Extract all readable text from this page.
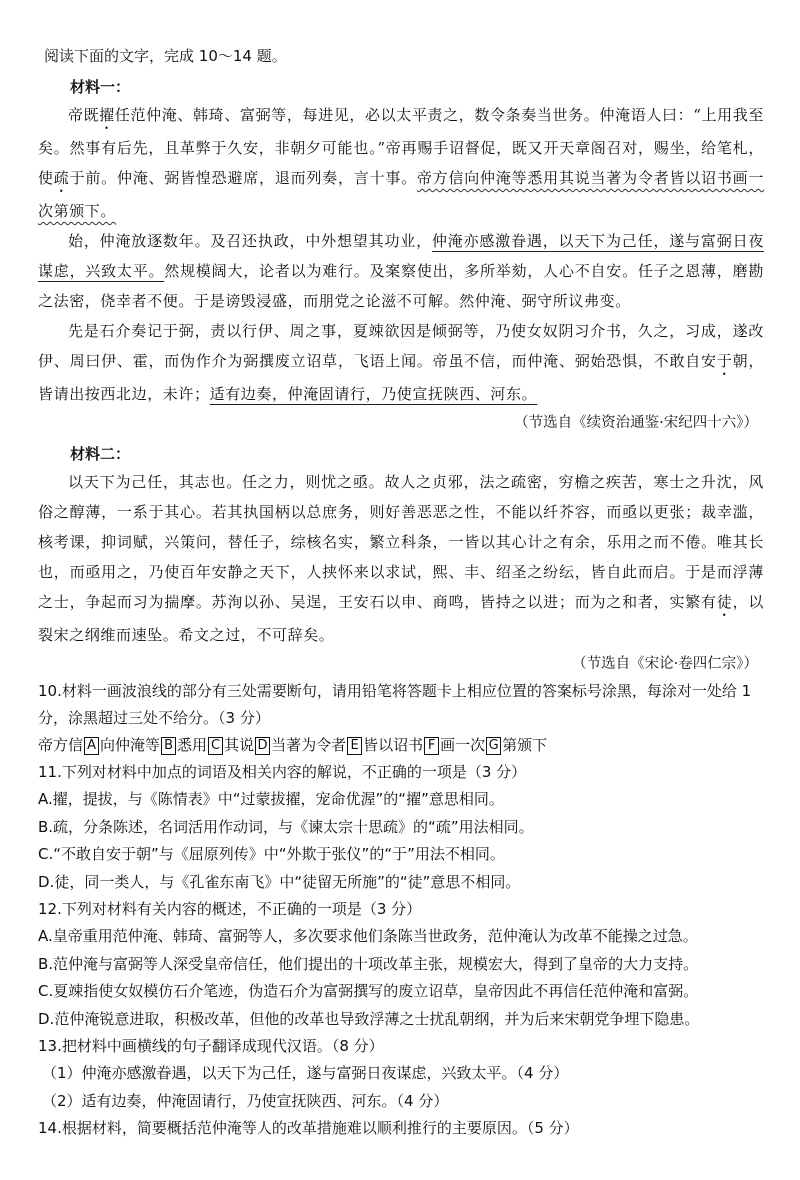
阅读下面的文字，完成 10～14 题。

材料一：

帝既擢任范仲淹、韩琦、富弼等，每进见，必以太平责之，数令条奏当世务。仲淹语人曰：“上用我至矣。然事有后先，且革弊于久安，非朝夕可能也。”帝再赐手诏督促，既又开天章阁召对，赐坐，给笔札，使疏于前。仲淹、弼皆惶恐避席，退而列奏，言十事。帝方信向仲淹等悉用其说当著为令者皆以诏书画一次第颁下。

始，仲淹放逐数年。及召还执政，中外想望其功业，仲淹亦感激眷遇，以天下为己任，遂与富弼日夜谋虑，兴致太平。然规模阔大，论者以为难行。及案察使出，多所举劾，人心不自安。任子之恩薄，磨勘之法密，侥幸者不便。于是谤毁浸盛，而朋党之论滋不可解。然仲淹、弼守所议弗变。

先是石介奏记于弼，责以行伊、周之事，夏竦欲因是倾弼等，乃使女奴阴习介书，久之，习成，遂改伊、周曰伊、霍，而伪作介为弼撰废立诏草，飞语上闻。帝虽不信，而仲淹、弼始恐惧，不敢自安于朝，皆请出按西北边，未许；适有边奏，仲淹固请行，乃使宣抚陕西、河东。

（节选自《续资治通鉴·宋纪四十六》）

材料二：

以天下为己任，其志也。任之力，则忧之亟。故人之贞邪，法之疏密，穷檐之疾苦，寒士之升沈，风俗之醇薄，一系于其心。若其执国柄以总庶务，则好善恶恶之性，不能以纤芥容，而亟以更张；裁幸滥，核考课，抑词赋，兴策问，替任子，综核名实，繁立科条，一皆以其心计之有余，乐用之而不倦。唯其长也，而亟用之，乃使百年安静之天下，人挟怀来以求试，熙、丰、绍圣之纷纭，皆自此而启。于是而浮薄之士，争起而习为揣摩。苏洵以孙、吴逞，王安石以申、商鸣，皆持之以进；而为之和者，实繁有徒，以裂宋之纲维而速坠。希文之过，不可辞矣。

（节选自《宋论·卷四仁宗》）

10.材料一画波浪线的部分有三处需要断句，请用铅笔将答题卡上相应位置的答案标号涂黑，每涂对一处给 1 分，涂黑超过三处不给分。（3 分）

帝方信 A 向仲淹等 B 悉用 C 其说 D 当著为令者 E 皆以诏书 F 画一次 G 第颁下

11.下列对材料中加点的词语及相关内容的解说，不正确的一项是（3 分）

A.擢，提拔，与《陈情表》中“过蒙拔擢，宠命优渥”的“擢”意思相同。

B.疏，分条陈述，名词活用作动词，与《谏太宗十思疏》的“疏”用法相同。

C.“不敢自安于朝”与《屈原列传》中“外欺于张仪”的“于”用法不相同。

D.徒，同一类人，与《孔雀东南飞》中“徒留无所施”的“徒”意思不相同。

12.下列对材料有关内容的概述，不正确的一项是（3 分）

A.皇帝重用范仲淹、韩琦、富弼等人，多次要求他们条陈当世政务，范仲淹认为改革不能操之过急。

B.范仲淹与富弼等人深受皇帝信任，他们提出的十项改革主张，规模宏大，得到了皇帝的大力支持。

C.夏竦指使女奴模仿石介笔迹，伪造石介为富弼撰写的废立诏草，皇帝因此不再信任范仲淹和富弼。

D.范仲淹锐意进取，积极改革，但他的改革也导致浮薄之士扰乱朝纲，并为后来宋朝党争埋下隐患。

13.把材料中画横线的句子翻译成现代汉语。（8 分）

（1）仲淹亦感激眷遇，以天下为己任，遂与富弼日夜谋虑，兴致太平。（4 分）

（2）适有边奏，仲淹固请行，乃使宣抚陕西、河东。（4 分）

14.根据材料，简要概括范仲淹等人的改革措施难以顺利推行的主要原因。（5 分）
